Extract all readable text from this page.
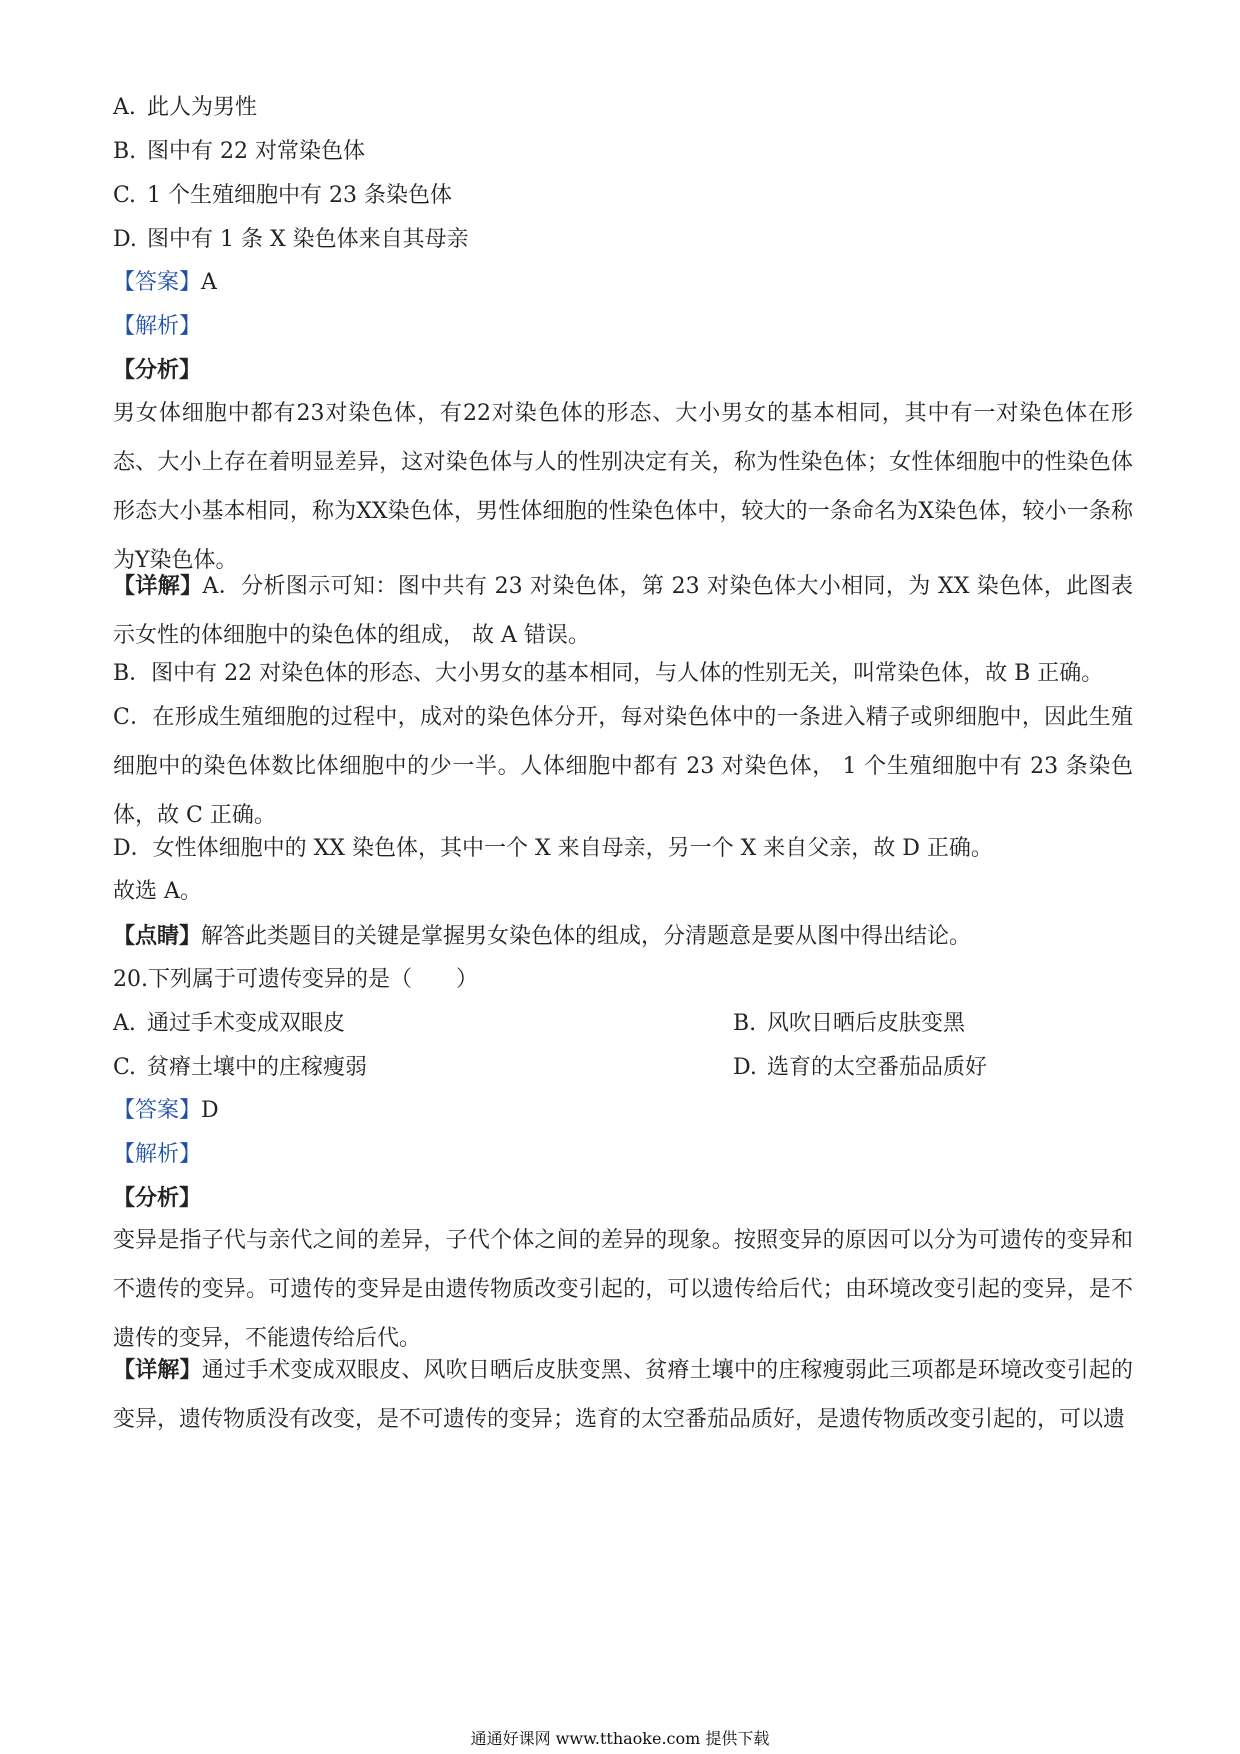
A. 此人为男性
B. 图中有 22 对常染色体
C. 1 个生殖细胞中有 23 条染色体
D. 图中有 1 条 X 染色体来自其母亲
【答案】A
【解析】
【分析】
男女体细胞中都有23对染色体，有22对染色体的形态、大小男女的基本相同，其中有一对染色体在形态、大小上存在着明显差异，这对染色体与人的性别决定有关，称为性染色体；女性体细胞中的性染色体形态大小基本相同，称为XX染色体，男性体细胞的性染色体中，较大的一条命名为X染色体，较小一条称为Y染色体。
【详解】A．分析图示可知：图中共有 23 对染色体，第 23 对染色体大小相同，为 XX 染色体，此图表示女性的体细胞中的染色体的组成， 故 A 错误。
B．图中有 22 对染色体的形态、大小男女的基本相同，与人体的性别无关，叫常染色体，故 B 正确。
C．在形成生殖细胞的过程中，成对的染色体分开，每对染色体中的一条进入精子或卵细胞中，因此生殖细胞中的染色体数比体细胞中的少一半。人体细胞中都有 23 对染色体， 1 个生殖细胞中有 23 条染色体，故 C 正确。
D．女性体细胞中的 XX 染色体，其中一个 X 来自母亲，另一个 X 来自父亲，故 D 正确。
故选 A。
【点睛】解答此类题目的关键是掌握男女染色体的组成，分清题意是要从图中得出结论。
20.下列属于可遗传变异的是（　　）
A. 通过手术变成双眼皮	B. 风吹日晒后皮肤变黑
C. 贫瘠土壤中的庄稼瘦弱	D. 选育的太空番茄品质好
【答案】D
【解析】
【分析】
变异是指子代与亲代之间的差异，子代个体之间的差异的现象。按照变异的原因可以分为可遗传的变异和不遗传的变异。可遗传的变异是由遗传物质改变引起的，可以遗传给后代；由环境改变引起的变异，是不遗传的变异，不能遗传给后代。
【详解】通过手术变成双眼皮、风吹日晒后皮肤变黑、贫瘠土壤中的庄稼瘦弱此三项都是环境改变引起的变异，遗传物质没有改变，是不可遗传的变异；选育的太空番茄品质好，是遗传物质改变引起的，可以遗
通通好课网 www.tthaoke.com 提供下载
